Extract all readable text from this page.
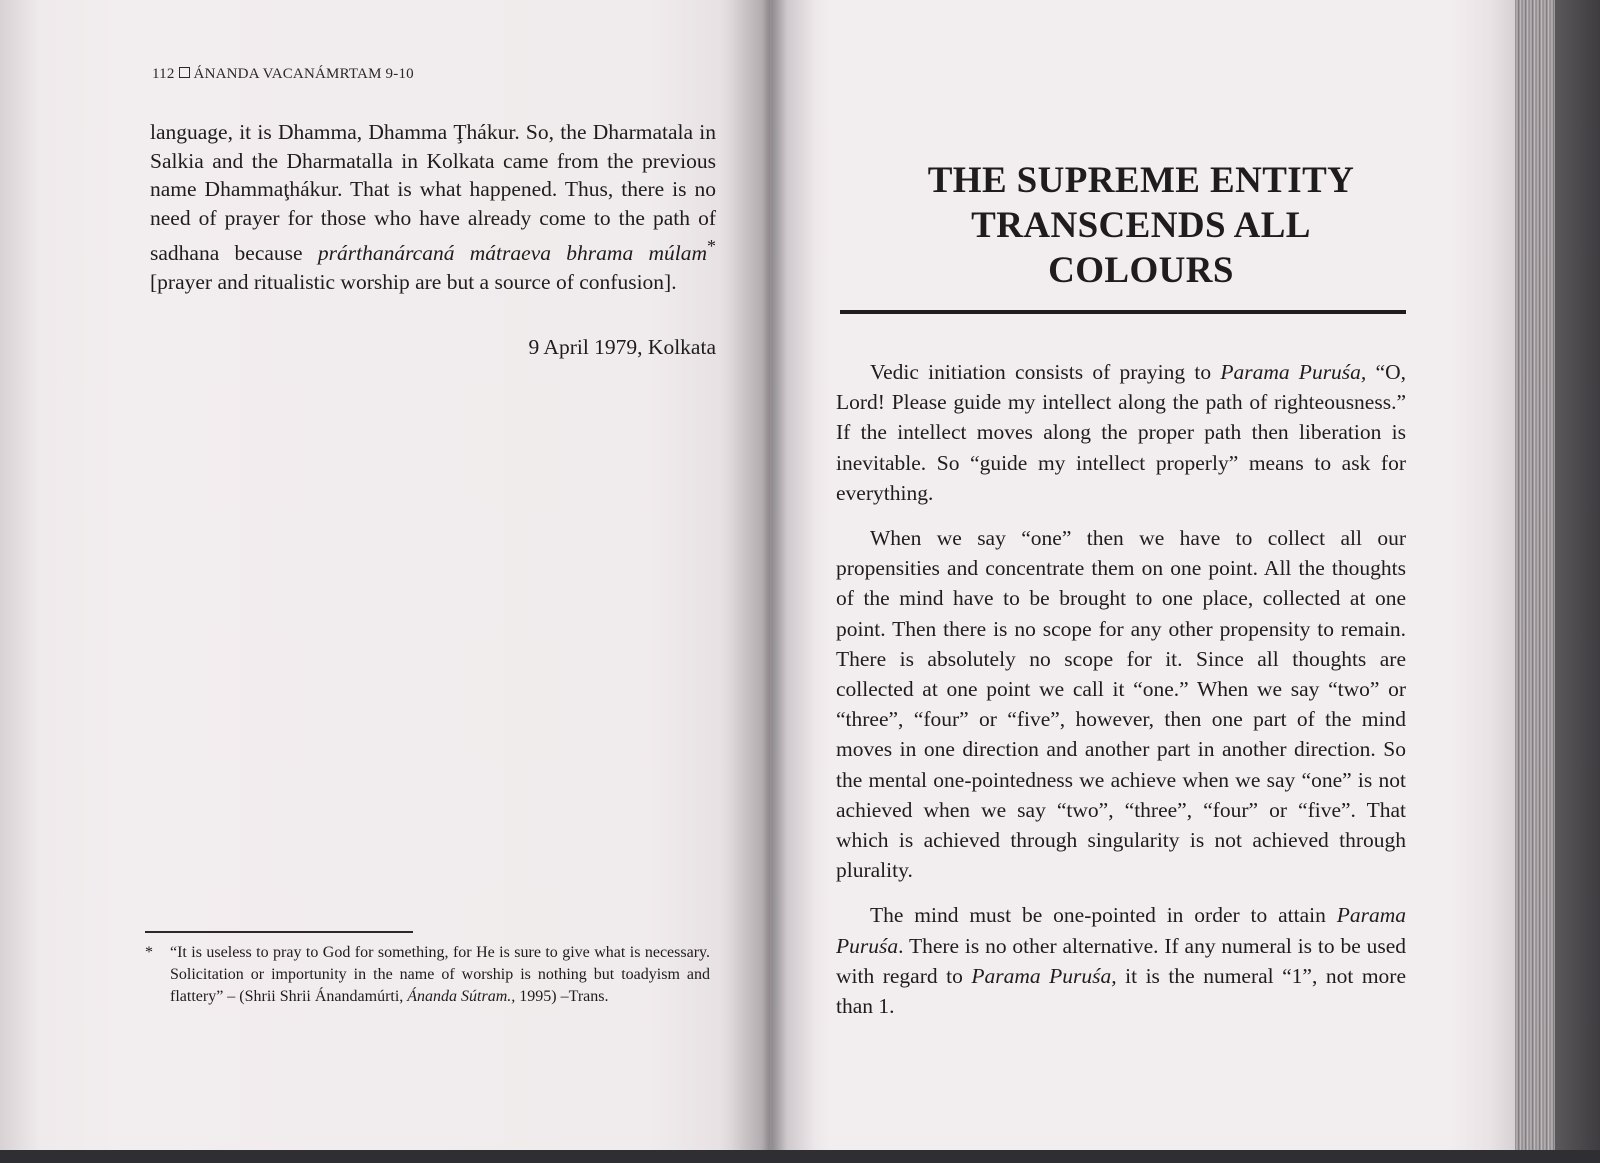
112 ÁNANDA VACANÁMRTAM 9-10

language, it is Dhamma, Dhamma Ţhákur. So, the Dharmatala in Salkia and the Dharmatalla in Kolkata came from the previous name Dhammaţhákur. That is what happened. Thus, there is no need of prayer for those who have already come to the path of sadhana because prárthanárcaná mátraeva bhrama múlam* [prayer and ritualistic worship are but a source of confusion].

9 April 1979, Kolkata
* “It is useless to pray to God for something, for He is sure to give what is necessary. Solicitation or importunity in the name of worship is nothing but toadyism and flattery” – (Shrii Shrii Ánandamúrti, Ánanda Sútram., 1995) –Trans.
THE SUPREME ENTITY
TRANSCENDS ALL
COLOURS

Vedic initiation consists of praying to Parama Puruśa, “O, Lord! Please guide my intellect along the path of righteousness.” If the intellect moves along the proper path then liberation is inevitable. So “guide my intellect properly” means to ask for everything.

When we say “one” then we have to collect all our propensities and concentrate them on one point. All the thoughts of the mind have to be brought to one place, collected at one point. Then there is no scope for any other propensity to remain. There is absolutely no scope for it. Since all thoughts are collected at one point we call it “one.” When we say “two” or “three”, “four” or “five”, however, then one part of the mind moves in one direction and another part in another direction. So the mental one-pointedness we achieve when we say “one” is not achieved when we say “two”, “three”, “four” or “five”. That which is achieved through singularity is not achieved through plurality.

The mind must be one-pointed in order to attain Parama Puruśa. There is no other alternative. If any numeral is to be used with regard to Parama Puruśa, it is the numeral “1”, not more than 1.
